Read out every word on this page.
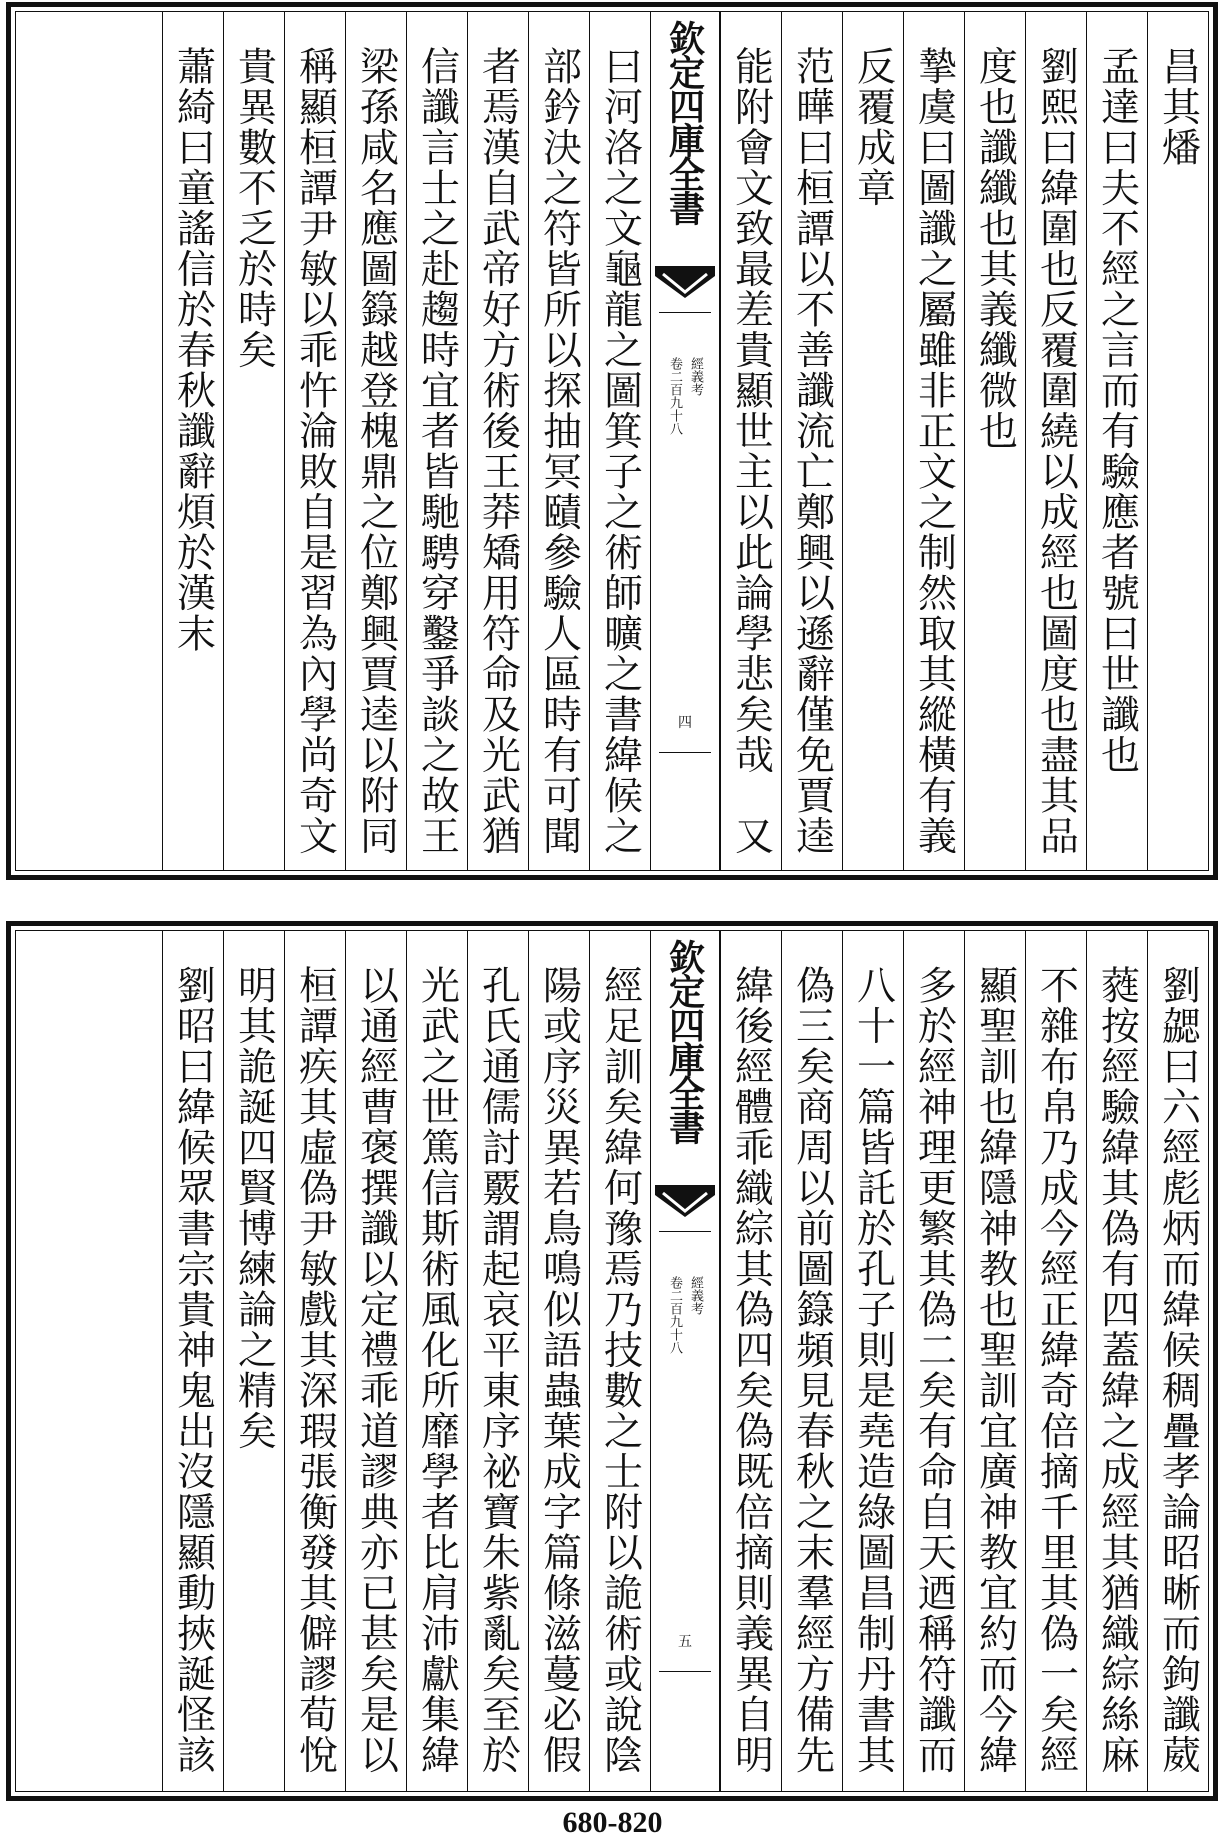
昌其燔
孟達曰夫不經之言而有驗應者號曰世讖也
劉熙曰緯圍也反覆圍繞以成經也圖度也盡其品
度也讖纖也其義纖微也
摯虞曰圖讖之屬雖非正文之制然取其縱橫有義
反覆成章
范曄曰桓譚以不善讖流亡鄭興以遜辭僅免賈逵
能附會文致最差貴顯世主以此論學悲矣哉　又
欽定四庫全書
卷二百九十八 經義考
四
曰河洛之文龜龍之圖箕子之術師曠之書緯候之
部鈐決之符皆所以探抽冥賾參驗人區時有可聞
者焉漢自武帝好方術後王莽矯用符命及光武猶
信讖言士之赴趨時宜者皆馳騁穿鑿爭談之故王
梁孫咸名應圖籙越登槐鼎之位鄭興賈逵以附同
稱顯桓譚尹敏以乖忤淪敗自是習為內學尚奇文
貴異數不乏於時矣
蕭綺曰童謠信於春秋讖辭煩於漢末
劉勰曰六經彪炳而緯候稠疊孝論昭晰而鉤讖葳
蕤按經驗緯其偽有四蓋緯之成經其猶織綜絲麻
不雜布帛乃成今經正緯奇倍摘千里其偽一矣經
顯聖訓也緯隱神教也聖訓宜廣神教宜約而今緯
多於經神理更繁其偽二矣有命自天迺稱符讖而
八十一篇皆託於孔子則是堯造綠圖昌制丹書其
偽三矣商周以前圖籙頻見春秋之末羣經方備先
緯後經體乖織綜其偽四矣偽既倍摘則義異自明
欽定四庫全書
卷二百九十八 經義考
五
經足訓矣緯何豫焉乃技數之士附以詭術或說陰
陽或序災異若鳥鳴似語蟲葉成字篇條滋蔓必假
孔氏通儒討覈謂起哀平東序祕寶朱紫亂矣至於
光武之世篤信斯術風化所靡學者比肩沛獻集緯
以通經曹褒撰讖以定禮乖道謬典亦已甚矣是以
桓譚疾其虛偽尹敏戲其深瑕張衡發其僻謬荀悅
明其詭誕四賢博練論之精矣
劉昭曰緯候眾書宗貴神鬼出沒隱顯動挾誕怪該
680-820
